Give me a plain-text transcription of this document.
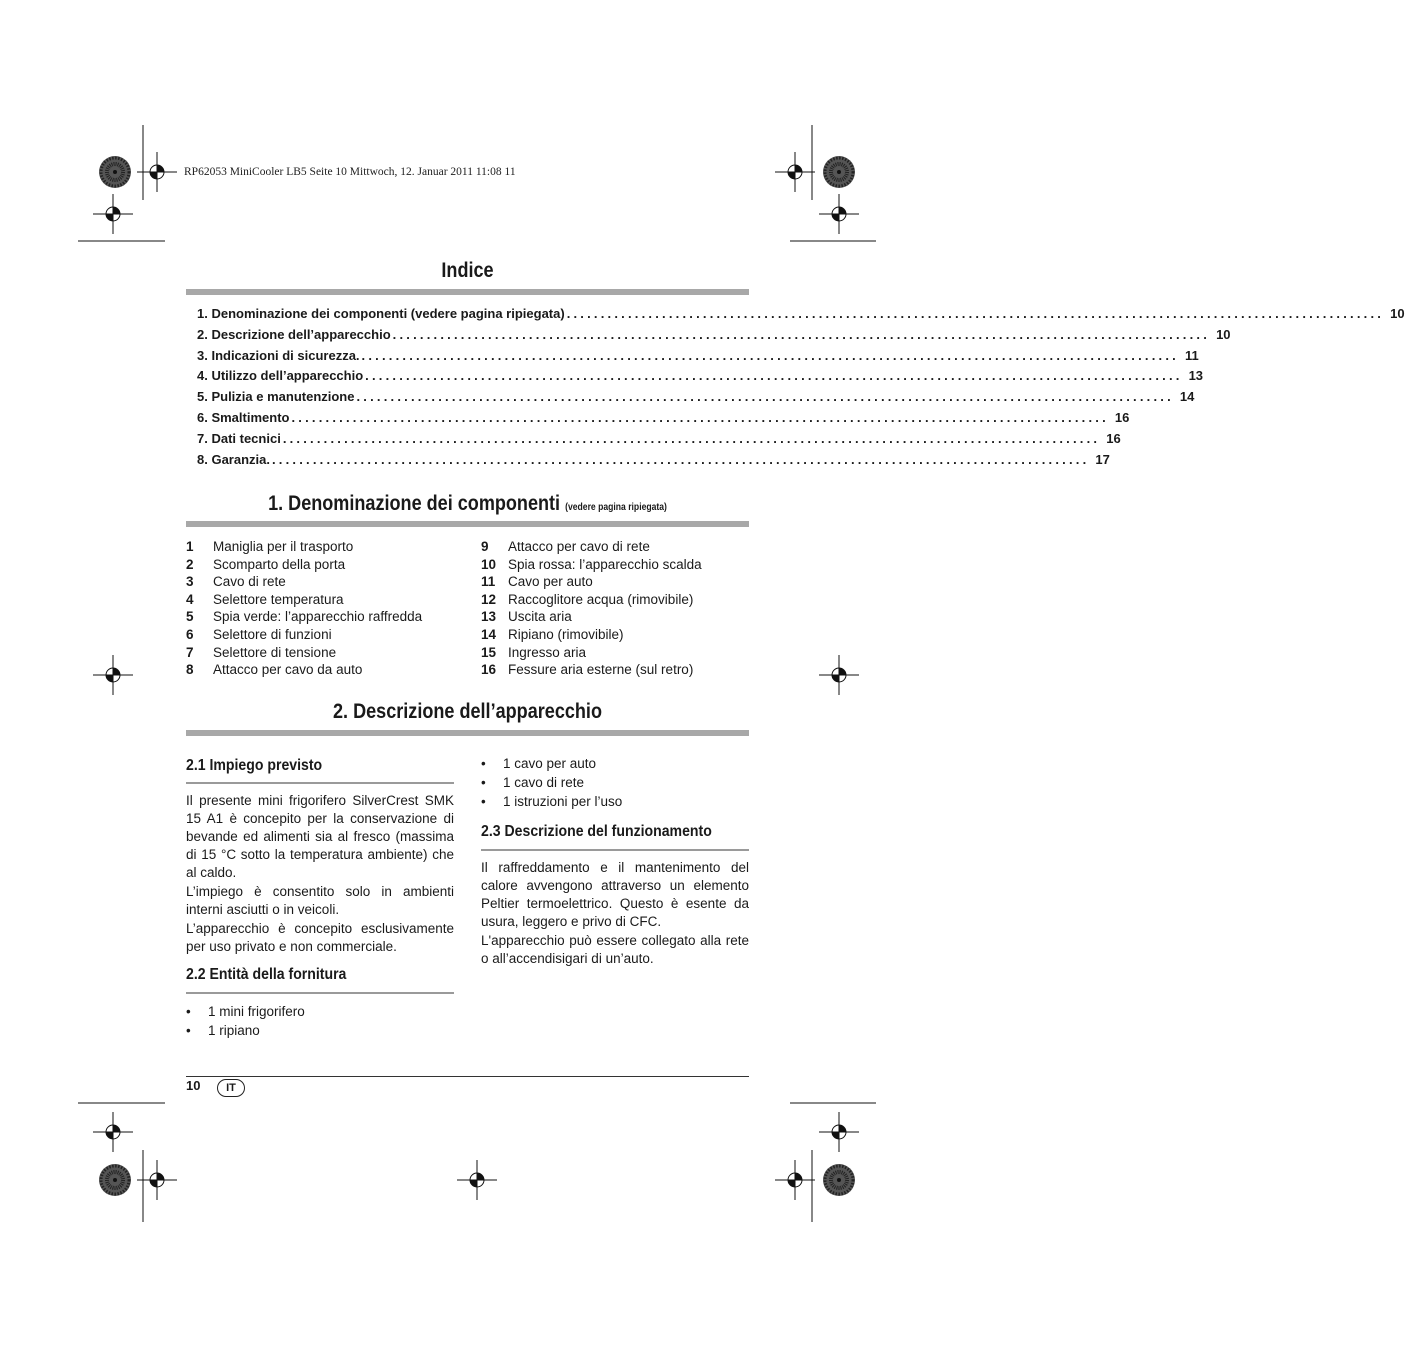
RP62053 MiniCooler LB5 Seite 10 Mittwoch, 12. Januar 2011 11:08 11
Indice
1. Denominazione dei componenti (vedere pagina ripiegata) ........................................................................................................................ 10
2. Descrizione dell’apparecchio ........................................................................................................................ 10
3. Indicazioni di sicurezza. ........................................................................................................................ 11
4. Utilizzo dell’apparecchio ........................................................................................................................ 13
5. Pulizia e manutenzione ........................................................................................................................ 14
6. Smaltimento ........................................................................................................................ 16
7. Dati tecnici ........................................................................................................................ 16
8. Garanzia. ........................................................................................................................ 17
1. Denominazione dei componenti (vedere pagina ripiegata)
1 Maniglia per il trasporto
2 Scomparto della porta
3 Cavo di rete
4 Selettore temperatura
5 Spia verde: l’apparecchio raffredda
6 Selettore di funzioni
7 Selettore di tensione
8 Attacco per cavo da auto
9 Attacco per cavo di rete
10 Spia rossa: l’apparecchio scalda
11 Cavo per auto
12 Raccoglitore acqua (rimovibile)
13 Uscita aria
14 Ripiano (rimovibile)
15 Ingresso aria
16 Fessure aria esterne (sul retro)
2. Descrizione dell’apparecchio
2.1 Impiego previsto

Il presente mini frigorifero SilverCrest SMK 15 A1 è concepito per la conservazione di bevande ed alimenti sia al fresco (massima di 15 °C sotto la temperatura ambiente) che al caldo.

L’impiego è consentito solo in ambienti interni asciutti o in veicoli.

L’apparecchio è concepito esclusivamente per uso privato e non commerciale.

2.2 Entità della fornitura
• 1 mini frigorifero
• 1 ripiano
• 1 cavo per auto
• 1 cavo di rete
• 1 istruzioni per l’uso
2.3 Descrizione del funzionamento

Il raffreddamento e il mantenimento del calore avvengono attraverso un elemento Peltier termoelettrico. Questo è esente da usura, leggero e privo di CFC.

L'apparecchio può essere collegato alla rete o all’accendisigari di un’auto.

10	IT
